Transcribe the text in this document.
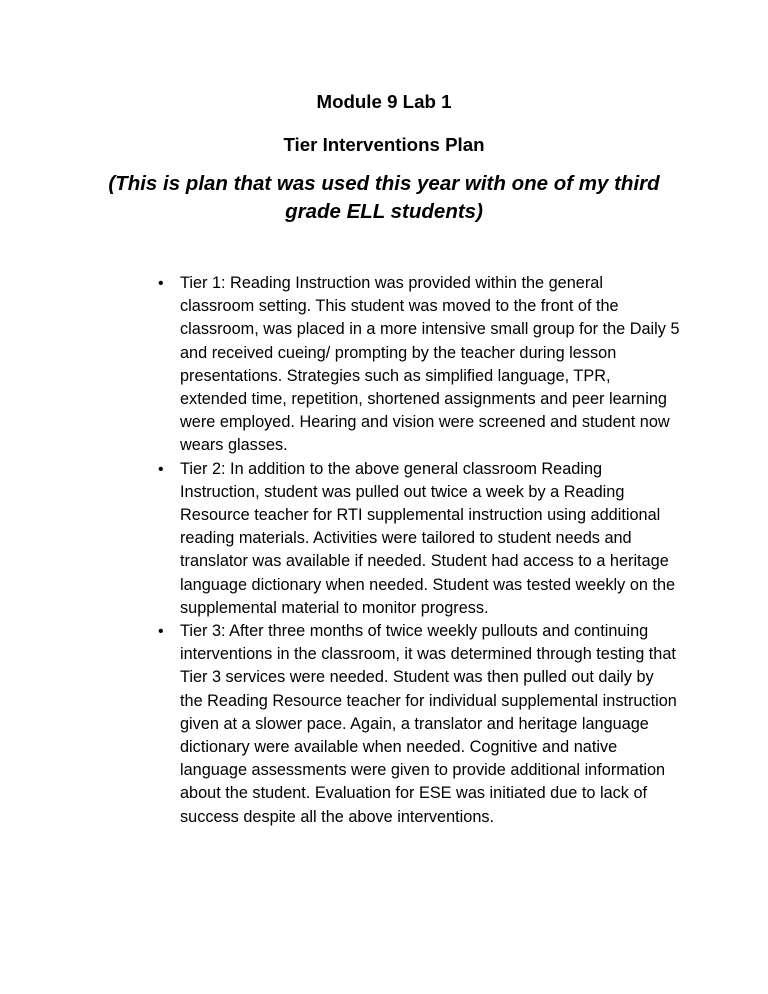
Module 9 Lab 1
Tier Interventions Plan
(This is plan that was used this year with one of my third grade ELL students)
• Tier 1: Reading Instruction was provided within the general classroom setting. This student was moved to the front of the classroom, was placed in a more intensive small group for the Daily 5 and received cueing/ prompting by the teacher during lesson presentations. Strategies such as simplified language, TPR, extended time, repetition, shortened assignments and peer learning were employed. Hearing and vision were screened and student now wears glasses.
• Tier 2: In addition to the above general classroom Reading Instruction, student was pulled out twice a week by a Reading Resource teacher for RTI supplemental instruction using additional reading materials. Activities were tailored to student needs and translator was available if needed. Student had access to a heritage language dictionary when needed. Student was tested weekly on the supplemental material to monitor progress.
• Tier 3: After three months of twice weekly pullouts and continuing interventions in the classroom, it was determined through testing that Tier 3 services were needed. Student was then pulled out daily by the Reading Resource teacher for individual supplemental instruction given at a slower pace. Again, a translator and heritage language dictionary were available when needed. Cognitive and native language assessments were given to provide additional information about the student. Evaluation for ESE was initiated due to lack of success despite all the above interventions.
